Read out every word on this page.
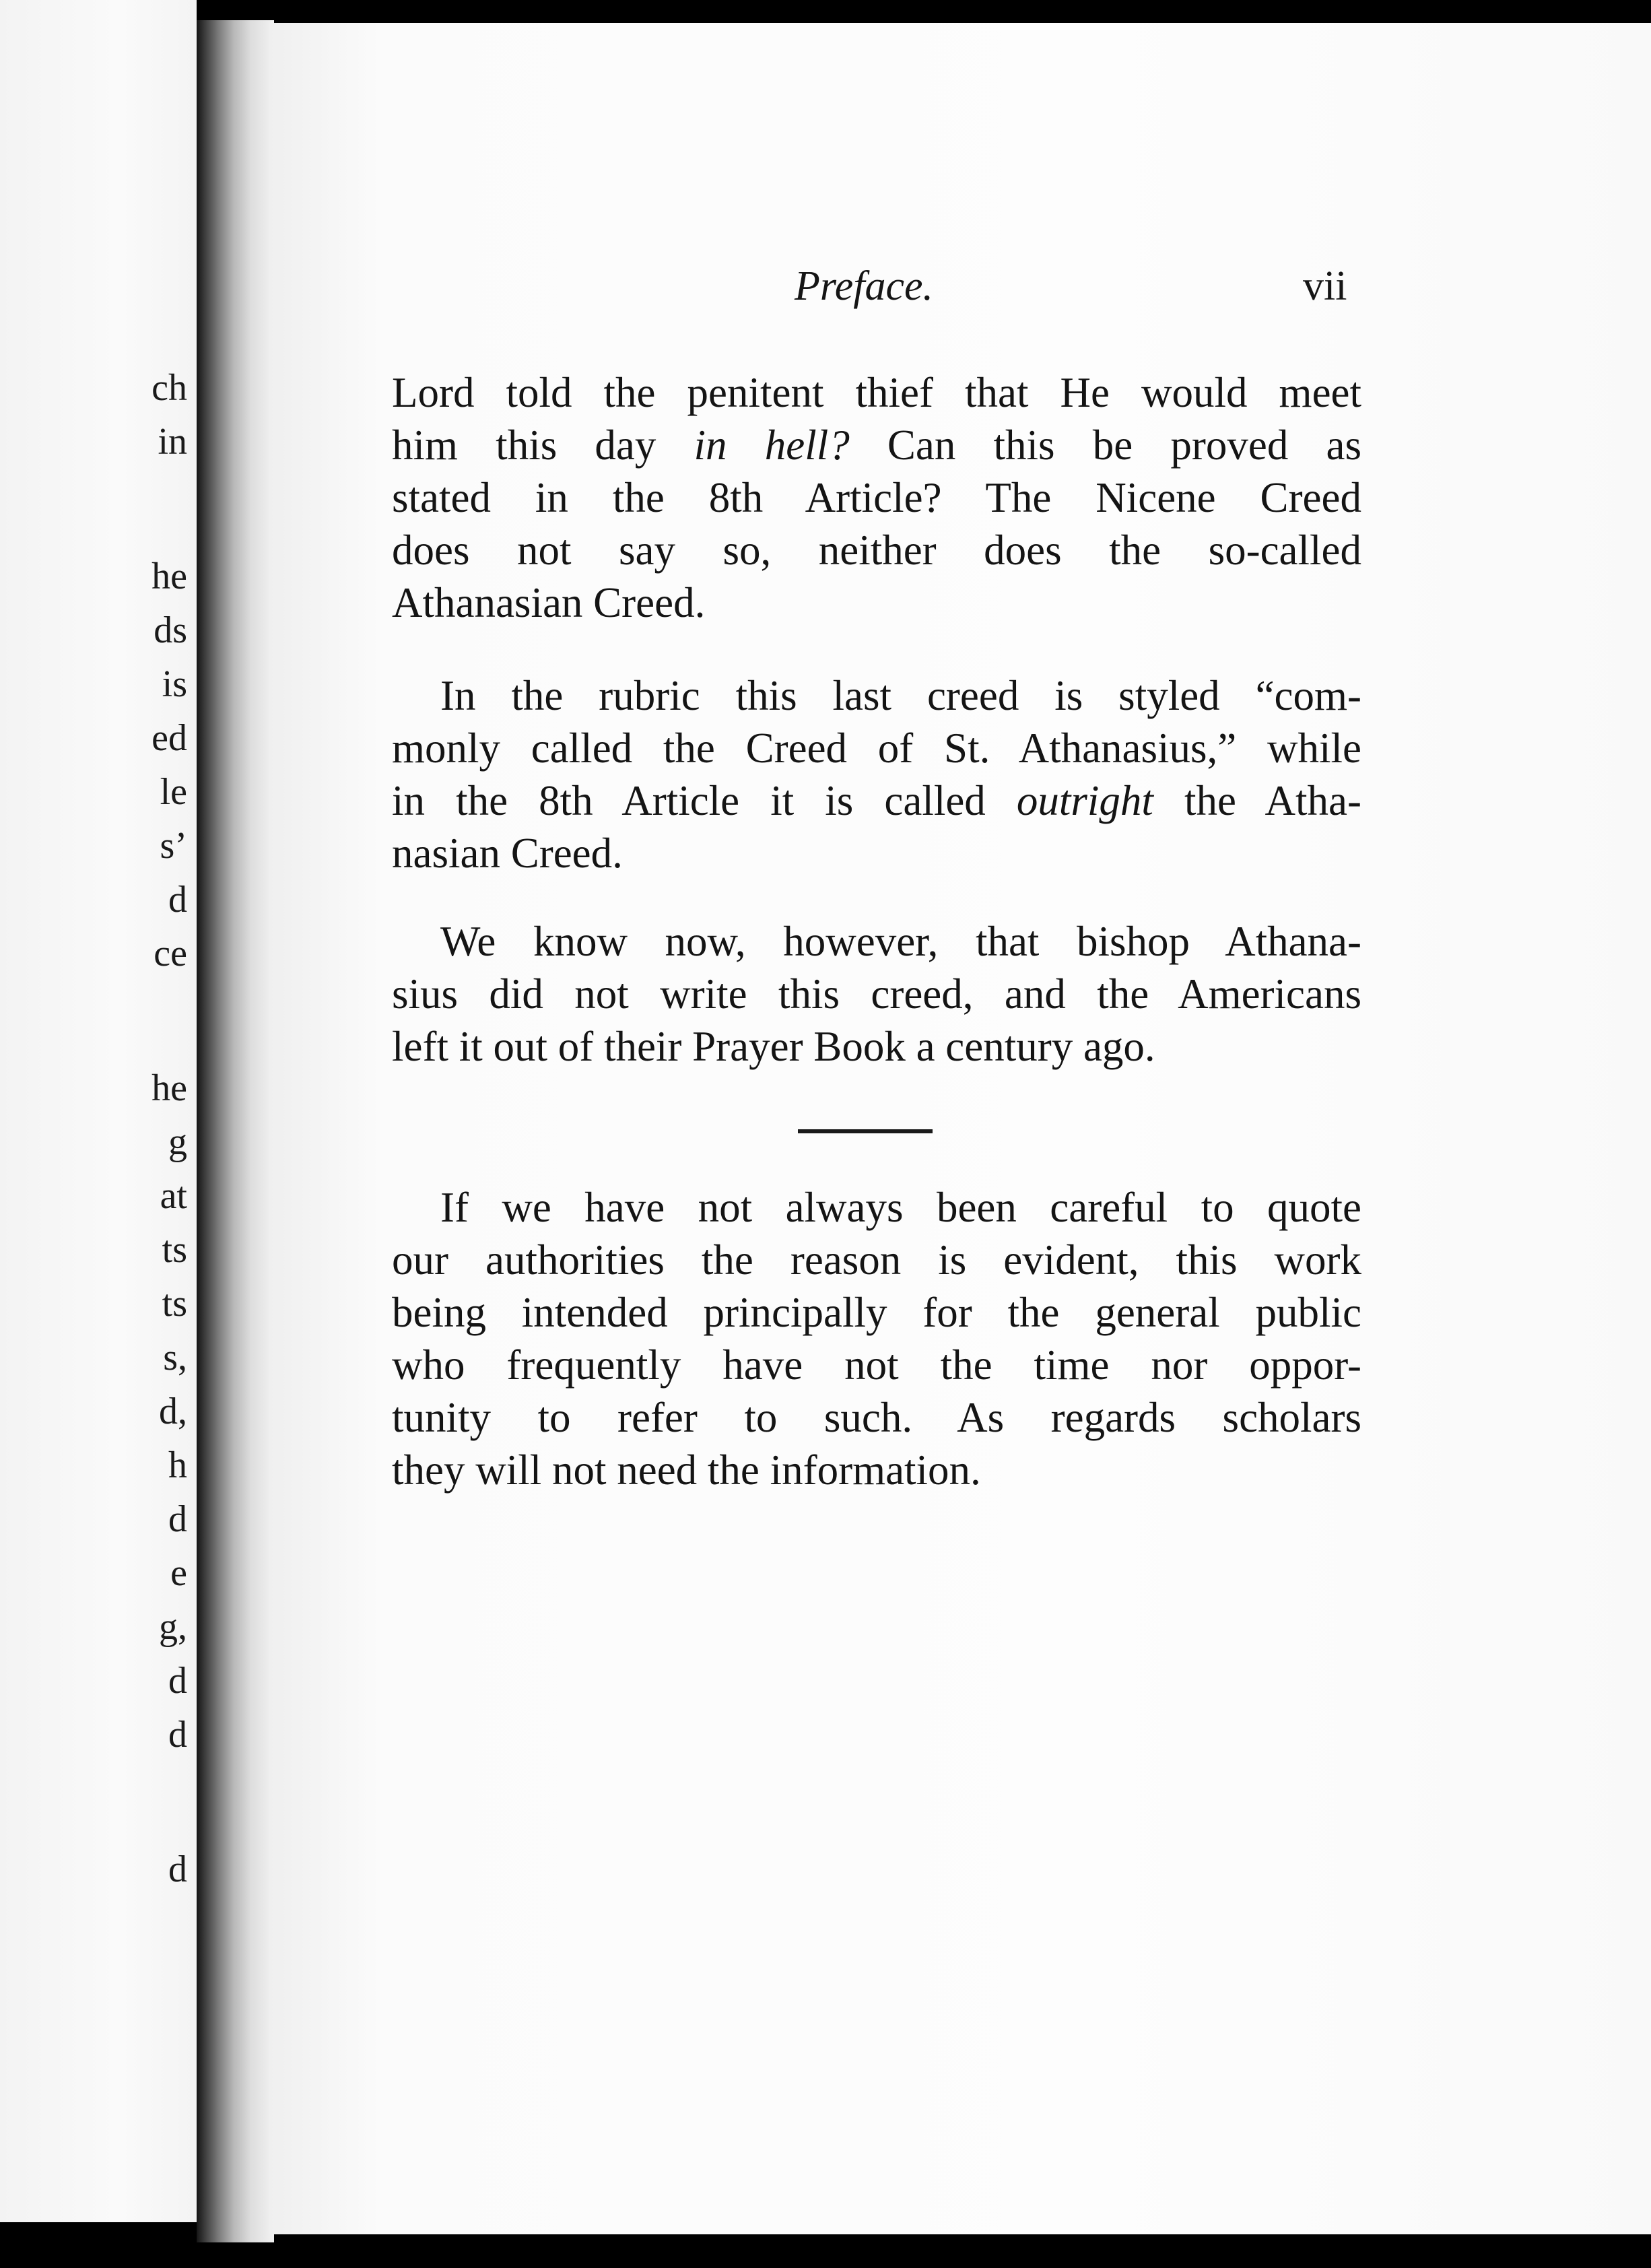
ch
in
he
ds
is
ed
le
s’
d
ce
he
g
at
ts
ts
s,
d,
h
d
e
g,
d
d
d
Preface.	vii
Lord told the penitent thief that He would meet
him this day in hell? Can this be proved as
stated in the 8th Article? The Nicene Creed
does not say so, neither does the so-called
Athanasian Creed.
In the rubric this last creed is styled “com-
monly called the Creed of St. Athanasius,” while
in the 8th Article it is called outright the Atha-
nasian Creed.
We know now, however, that bishop Athana-
sius did not write this creed, and the Americans
left it out of their Prayer Book a century ago.
If we have not always been careful to quote
our authorities the reason is evident, this work
being intended principally for the general public
who frequently have not the time nor oppor-
tunity to refer to such. As regards scholars
they will not need the information.
